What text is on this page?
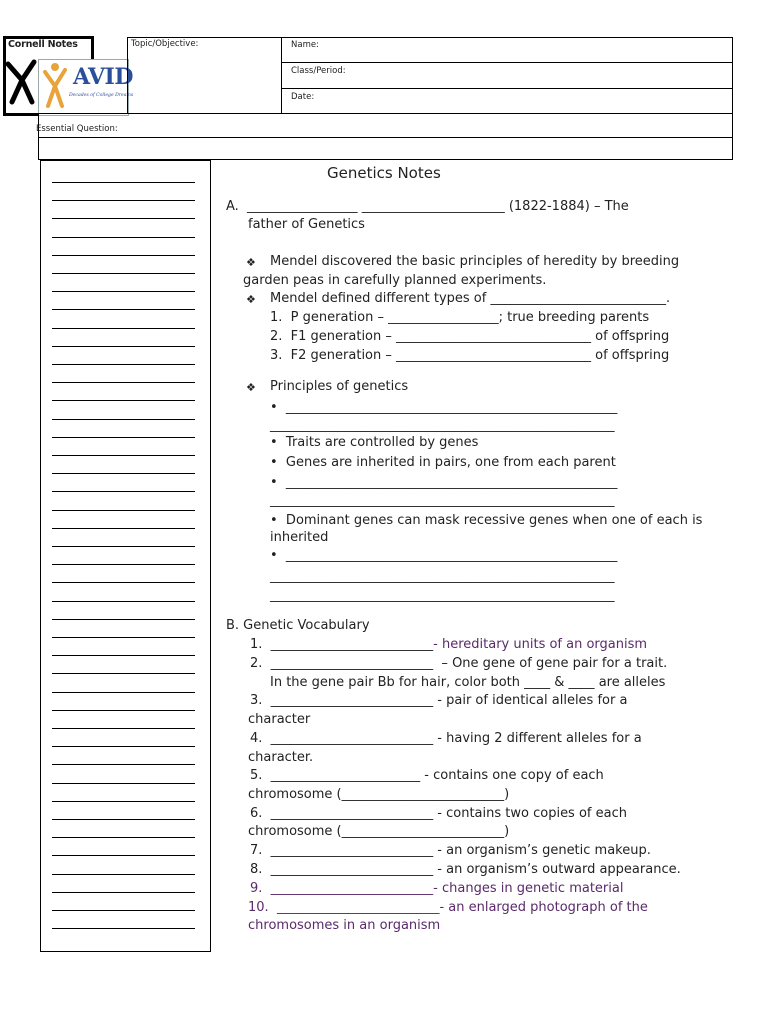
Cornell Notes
AVID
Decades of College Dreams
Topic/Objective:	Name:
Class/Period:
Date:
Essential Question:
Genetics Notes
A.  _________________ ______________________ (1822-1884) – The
father of Genetics
❖ Mendel discovered the basic principles of heredity by breeding
garden peas in carefully planned experiments.
❖ Mendel defined different types of ___________________________.
1.  P generation – _________________; true breeding parents
2.  F1 generation – ______________________________ of offspring
3.  F2 generation – ______________________________ of offspring
❖ Principles of genetics
•  ___________________________________________________
_____________________________________________________
•  Traits are controlled by genes
•  Genes are inherited in pairs, one from each parent
•  ___________________________________________________
_____________________________________________________
•  Dominant genes can mask recessive genes when one of each is
inherited
•  ___________________________________________________
_____________________________________________________
_____________________________________________________
B. Genetic Vocabulary
1.  _________________________- hereditary units of an organism
2.  _________________________  – One gene of gene pair for a trait.
In the gene pair Bb for hair, color both ____ & ____ are alleles
3.  _________________________ - pair of identical alleles for a
character
4.  _________________________ - having 2 different alleles for a
character.
5.  _______________________ - contains one copy of each
chromosome (_________________________)
6.  _________________________ - contains two copies of each
chromosome (_________________________)
7.  _________________________ - an organism’s genetic makeup.
8.  _________________________ - an organism’s outward appearance.
9.  _________________________- changes in genetic material
10.  _________________________- an enlarged photograph of the
chromosomes in an organism
